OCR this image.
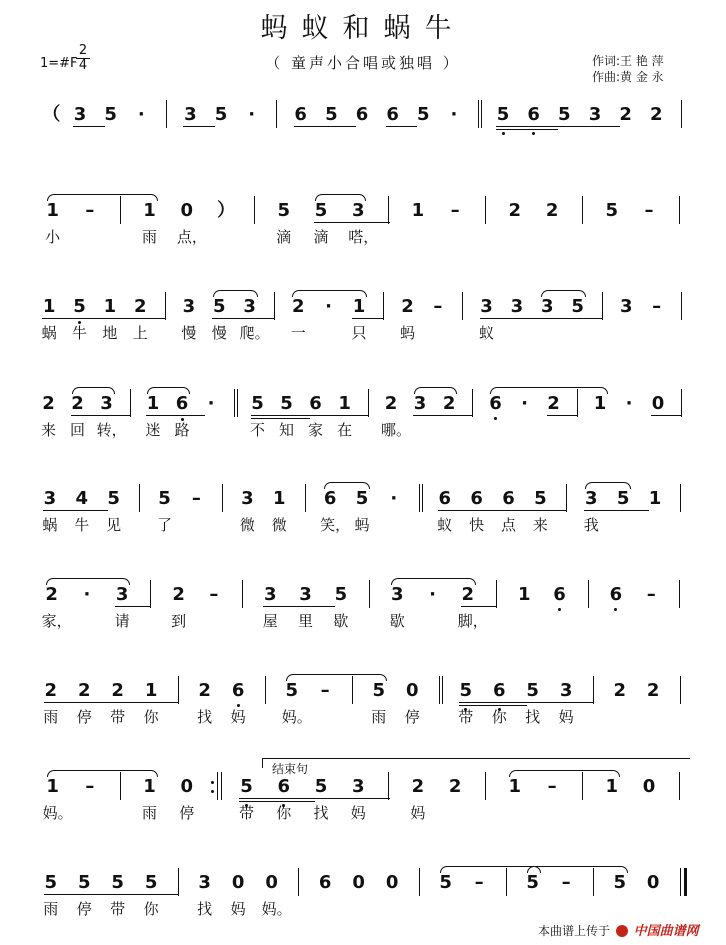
蚂蚁和蜗牛
（ 童声小合唱或独唱 ）
1=#F
2
4	作词:王 艳 萍
作曲:黄 金 永
（ 3 5 · 3 5 · 6 5 6 6 5 · 5 6 5 3 2 2
1 –	1 0 ） 5 5 3	1 –	2 2	5 –
小	雨 点，	滴 滴 嗒，
1 5 1 2 3 5 3 2 · 1 2 – 3 3 3 5 3 –
蜗 牛 地 上 慢 慢 爬。 一	只 蚂	蚁
2 2 3 1 6 · 5 5 6 1 2 3 2 6 · 2 1 · 0
来 回 转， 迷 路	不 知 家 在 哪。
3 4 5 5 – 3 1 6 5 · 6 6 6 5 3 5 1
蜗 牛 见 了	微 微 笑， 蚂	蚁 快 点 来 我
2 · 3 2 –	3 3 5 3 · 2 1 6 6 –
家，	请	到	屋 里 歇	歇	脚，
2 2 2 1 2 6 5 – 5 0 5 6 5 3 2 2
雨 停 带 你	找 妈 妈。	雨 停	带 你 找 妈
1 –	1 0	5 6 5 3	2 2	1 –	1 0
妈。	雨 停	带 你 找 妈	妈
5 5 5 5 3 0 0 6 0 0 5 – 5 – 5 0
雨 停 带 你	找 妈 妈。
结束句
本曲谱上传于 中国曲谱网
